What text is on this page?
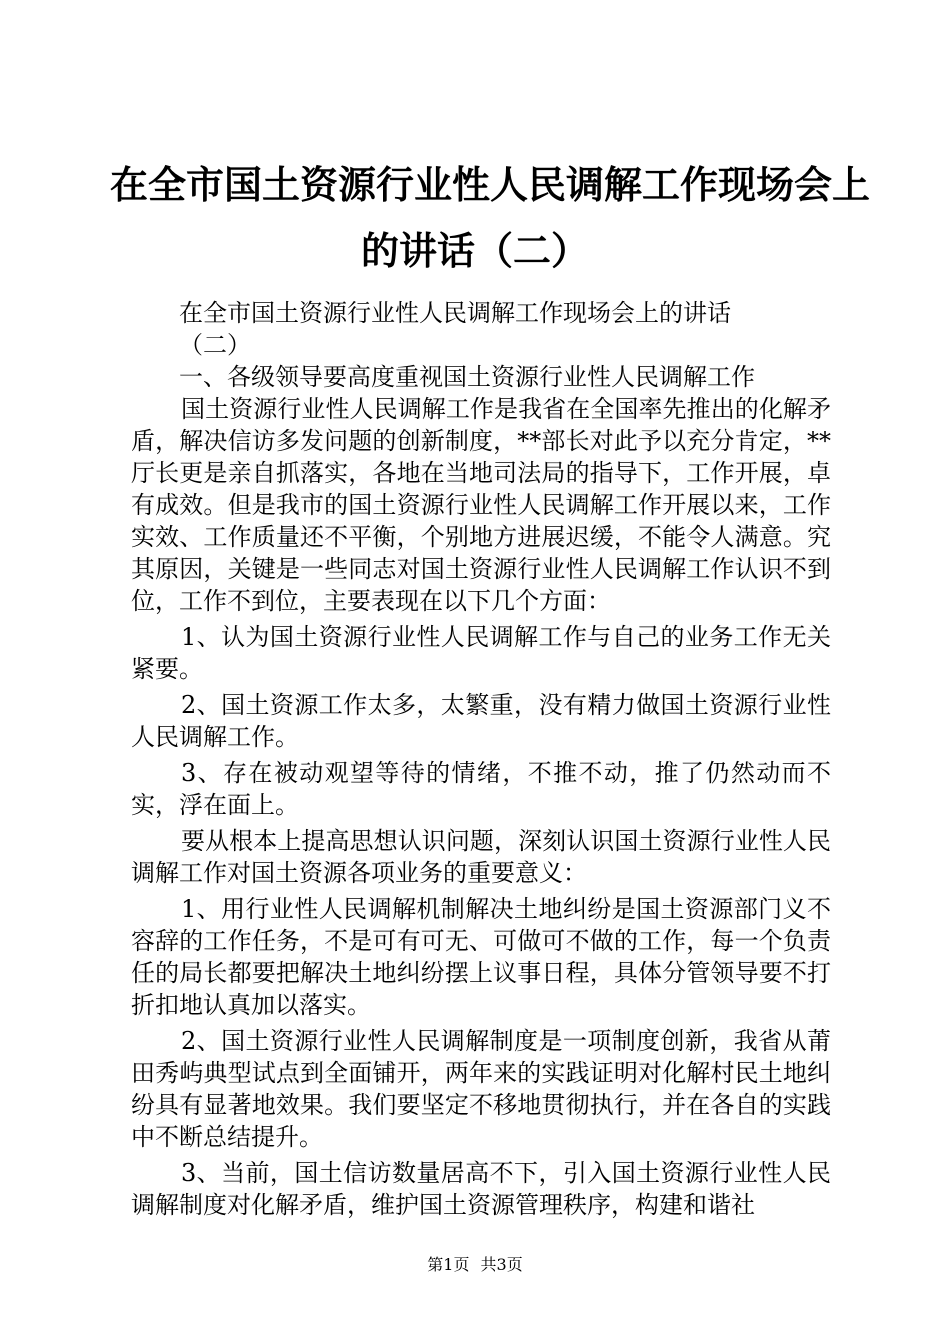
在全市国土资源行业性人民调解工作现场会上
的讲话（二）

在全市国土资源行业性人民调解工作现场会上的讲话

（二）

一、各级领导要高度重视国土资源行业性人民调解工作

国土资源行业性人民调解工作是我省在全国率先推出的化解矛盾，解决信访多发问题的创新制度，**部长对此予以充分肯定，**厅长更是亲自抓落实，各地在当地司法局的指导下，工作开展，卓有成效。但是我市的国土资源行业性人民调解工作开展以来，工作实效、工作质量还不平衡，个别地方进展迟缓，不能令人满意。究其原因，关键是一些同志对国土资源行业性人民调解工作认识不到位，工作不到位，主要表现在以下几个方面：

1、认为国土资源行业性人民调解工作与自己的业务工作无关紧要。

2、国土资源工作太多，太繁重，没有精力做国土资源行业性人民调解工作。

3、存在被动观望等待的情绪，不推不动，推了仍然动而不实，浮在面上。

要从根本上提高思想认识问题，深刻认识国土资源行业性人民调解工作对国土资源各项业务的重要意义：

1、用行业性人民调解机制解决土地纠纷是国土资源部门义不容辞的工作任务，不是可有可无、可做可不做的工作，每一个负责任的局长都要把解决土地纠纷摆上议事日程，具体分管领导要不打折扣地认真加以落实。

2、国土资源行业性人民调解制度是一项制度创新，我省从莆田秀屿典型试点到全面铺开，两年来的实践证明对化解村民土地纠纷具有显著地效果。我们要坚定不移地贯彻执行，并在各自的实践中不断总结提升。

3、当前，国土信访数量居高不下，引入国土资源行业性人民调解制度对化解矛盾，维护国土资源管理秩序，构建和谐社

第1页 共3页
